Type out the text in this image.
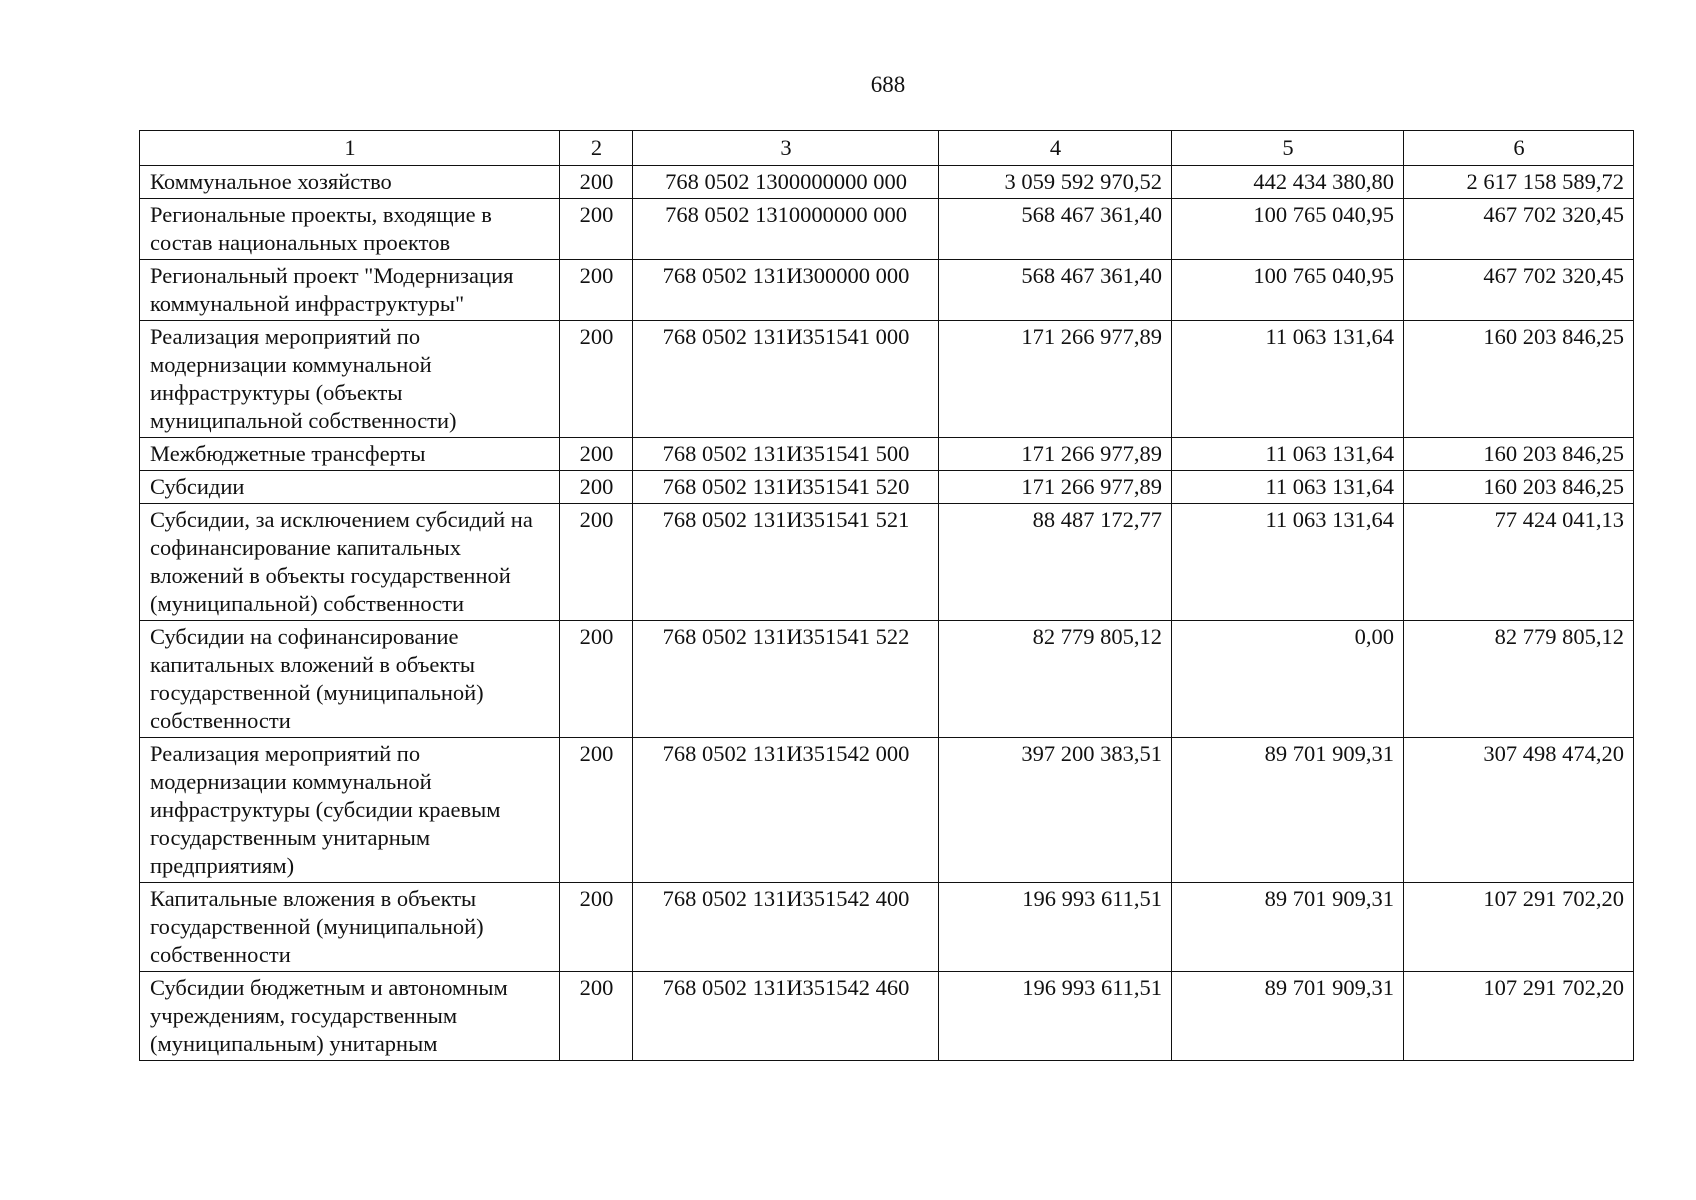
688
1	2	3	4	5	6
Коммунальное хозяйство	200	768 0502 1300000000 000	3 059 592 970,52	442 434 380,80	2 617 158 589,72
Региональные проекты, входящие в состав национальных проектов	200	768 0502 1310000000 000	568 467 361,40	100 765 040,95	467 702 320,45
Региональный проект "Модернизация коммунальной инфраструктуры"	200	768 0502 131И300000 000	568 467 361,40	100 765 040,95	467 702 320,45
Реализация мероприятий по модернизации коммунальной инфраструктуры (объекты муниципальной собственности)	200	768 0502 131И351541 000	171 266 977,89	11 063 131,64	160 203 846,25
Межбюджетные трансферты	200	768 0502 131И351541 500	171 266 977,89	11 063 131,64	160 203 846,25
Субсидии	200	768 0502 131И351541 520	171 266 977,89	11 063 131,64	160 203 846,25
Субсидии, за исключением субсидий на софинансирование капитальных вложений в объекты государственной (муниципальной) собственности	200	768 0502 131И351541 521	88 487 172,77	11 063 131,64	77 424 041,13
Субсидии на софинансирование капитальных вложений в объекты государственной (муниципальной) собственности	200	768 0502 131И351541 522	82 779 805,12	0,00	82 779 805,12
Реализация мероприятий по модернизации коммунальной инфраструктуры (субсидии краевым государственным унитарным предприятиям)	200	768 0502 131И351542 000	397 200 383,51	89 701 909,31	307 498 474,20
Капитальные вложения в объекты государственной (муниципальной) собственности	200	768 0502 131И351542 400	196 993 611,51	89 701 909,31	107 291 702,20
Субсидии бюджетным и автономным учреждениям, государственным (муниципальным) унитарным	200	768 0502 131И351542 460	196 993 611,51	89 701 909,31	107 291 702,20
